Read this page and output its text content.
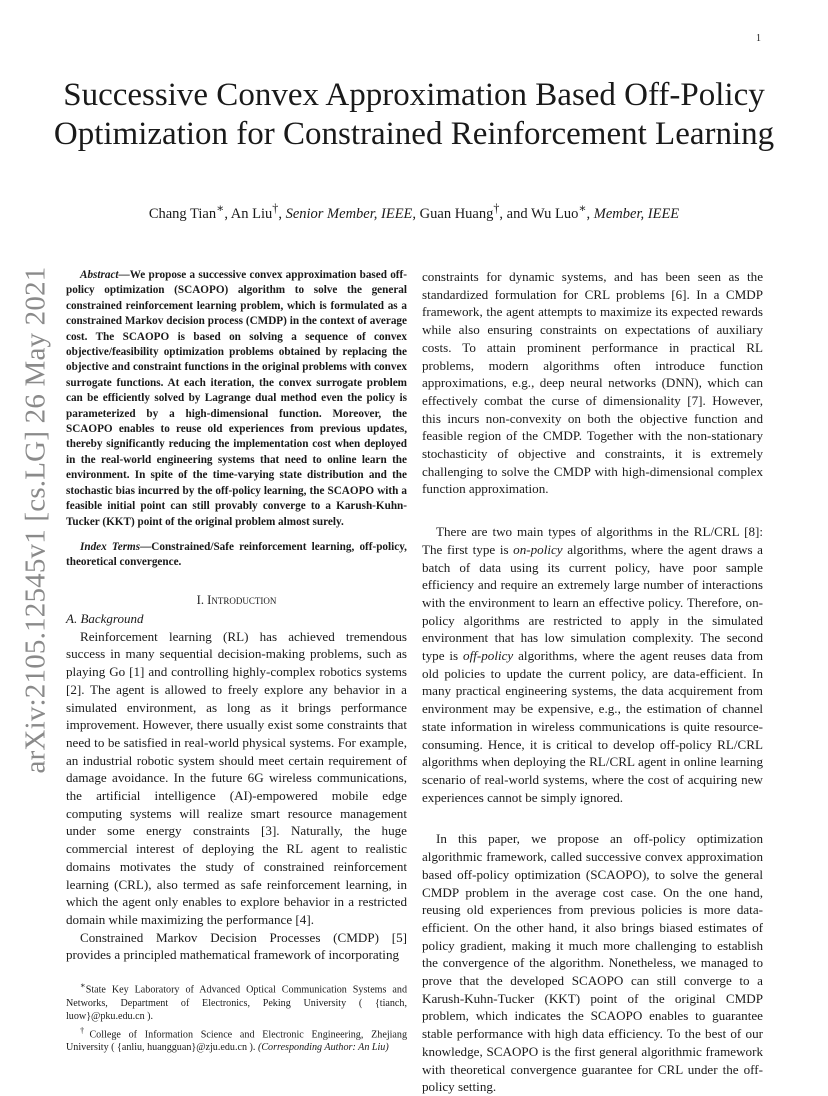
1
arXiv:2105.12545v1 [cs.LG] 26 May 2021
Successive Convex Approximation Based Off-Policy Optimization for Constrained Reinforcement Learning
Chang Tian∗, An Liu†, Senior Member, IEEE, Guan Huang†, and Wu Luo∗, Member, IEEE

Abstract—We propose a successive convex approximation based off-policy optimization (SCAOPO) algorithm to solve the general constrained reinforcement learning problem, which is formulated as a constrained Markov decision process (CMDP) in the context of average cost. The SCAOPO is based on solving a sequence of convex objective/feasibility optimization problems obtained by replacing the objective and constraint functions in the original problems with convex surrogate functions. At each iteration, the convex surrogate problem can be efficiently solved by Lagrange dual method even the policy is parameterized by a high-dimensional function. Moreover, the SCAOPO enables to reuse old experiences from previous updates, thereby significantly reducing the implementation cost when deployed in the real-world engineering systems that need to online learn the environment. In spite of the time-varying state distribution and the stochastic bias incurred by the off-policy learning, the SCAOPO with a feasible initial point can still provably converge to a Karush-Kuhn-Tucker (KKT) point of the original problem almost surely.

Index Terms—Constrained/Safe reinforcement learning, off-policy, theoretical convergence.

I. Introduction
A. Background

Reinforcement learning (RL) has achieved tremendous success in many sequential decision-making problems, such as playing Go [1] and controlling highly-complex robotics systems [2]. The agent is allowed to freely explore any behavior in a simulated environment, as long as it brings performance improvement. However, there usually exist some constraints that need to be satisfied in real-world physical systems. For example, an industrial robotic system should meet certain requirement of damage avoidance. In the future 6G wireless communications, the artificial intelligence (AI)-empowered mobile edge computing systems will realize smart resource management under some energy constraints [3]. Naturally, the huge commercial interest of deploying the RL agent to realistic domains motivates the study of constrained reinforcement learning (CRL), also termed as safe reinforcement learning, in which the agent only enables to explore behavior in a restricted domain while maximizing the performance [4].

Constrained Markov Decision Processes (CMDP) [5] provides a principled mathematical framework of incorporating

∗State Key Laboratory of Advanced Optical Communication Systems and Networks, Department of Electronics, Peking University ( {tianch, luow}@pku.edu.cn ).

†College of Information Science and Electronic Engineering, Zhejiang University ( {anliu, huangguan}@zju.edu.cn ). (Corresponding Author: An Liu)

constraints for dynamic systems, and has been seen as the standardized formulation for CRL problems [6]. In a CMDP framework, the agent attempts to maximize its expected rewards while also ensuring constraints on expectations of auxiliary costs. To attain prominent performance in practical RL problems, modern algorithms often introduce function approximations, e.g., deep neural networks (DNN), which can effectively combat the curse of dimensionality [7]. However, this incurs non-convexity on both the objective function and feasible region of the CMDP. Together with the non-stationary stochasticity of objective and constraints, it is extremely challenging to solve the CMDP with high-dimensional complex function approximation.

There are two main types of algorithms in the RL/CRL [8]: The first type is on-policy algorithms, where the agent draws a batch of data using its current policy, have poor sample efficiency and require an extremely large number of interactions with the environment to learn an effective policy. Therefore, on-policy algorithms are restricted to apply in the simulated environment that has low simulation complexity. The second type is off-policy algorithms, where the agent reuses data from old policies to update the current policy, are data-efficient. In many practical engineering systems, the data acquirement from environment may be expensive, e.g., the estimation of channel state information in wireless communications is quite resource-consuming. Hence, it is critical to develop off-policy RL/CRL algorithms when deploying the RL/CRL agent in online learning scenario of real-world systems, where the cost of acquiring new experiences cannot be simply ignored.

In this paper, we propose an off-policy optimization algorithmic framework, called successive convex approximation based off-policy optimization (SCAOPO), to solve the general CMDP problem in the average cost case. On the one hand, reusing old experiences from previous policies is more data-efficient. On the other hand, it also brings biased estimates of policy gradient, making it much more challenging to establish the convergence of the algorithm. Nonetheless, we managed to prove that the developed SCAOPO can still converge to a Karush-Kuhn-Tucker (KKT) point of the original CMDP problem, which indicates the SCAOPO enables to guarantee stable performance with high data efficiency. To the best of our knowledge, SCAOPO is the first general algorithmic framework with theoretical convergence guarantee for CRL under the off-policy setting.
